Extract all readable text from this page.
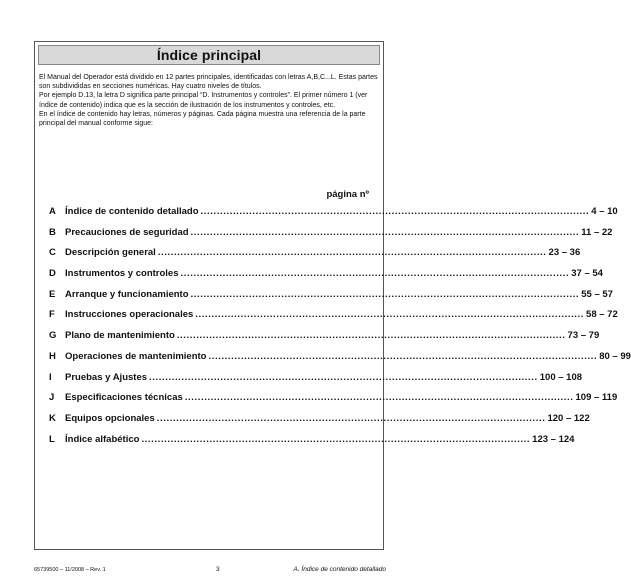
Índice principal

El Manual del Operador está dividido en 12 partes principales, identificadas con letras A,B,C...L. Estas partes son subdivididas en secciones numéricas. Hay cuatro niveles de títulos.

Por ejemplo D.13, la letra D significa parte principal “D. Instrumentos y controles”. El primer número 1 (ver índice de contenido) indica que es la sección de ilustración de los instrumentos y controles, etc.

En el índice de contenido hay letras, números y páginas. Cada página muestra una referencia de la parte principal del manual conforme sigue:

página nº
A Índice de contenido detallado ........................................................................................................................ 4 – 10
B Precauciones de seguridad ........................................................................................................................ 11 – 22
C Descripción general ........................................................................................................................ 23 – 36
D Instrumentos y controles ........................................................................................................................ 37 – 54
E	Arranque y funcionamiento ........................................................................................................................ 55 – 57
F	Instrucciones operacionales ........................................................................................................................ 58 – 72
G Plano de mantenimiento ........................................................................................................................ 73 – 79
H Operaciones de mantenimiento ........................................................................................................................ 80 – 99
I	Pruebas y Ajustes ........................................................................................................................ 100 – 108
J	Especificaciones técnicas ........................................................................................................................ 109 – 119
K Equipos opcionales ........................................................................................................................ 120 – 122
L	Índice alfabético ........................................................................................................................ 123 – 124
65739500 – 11/2008 – Rev. 1	3	A. Índice de contenido detallado
